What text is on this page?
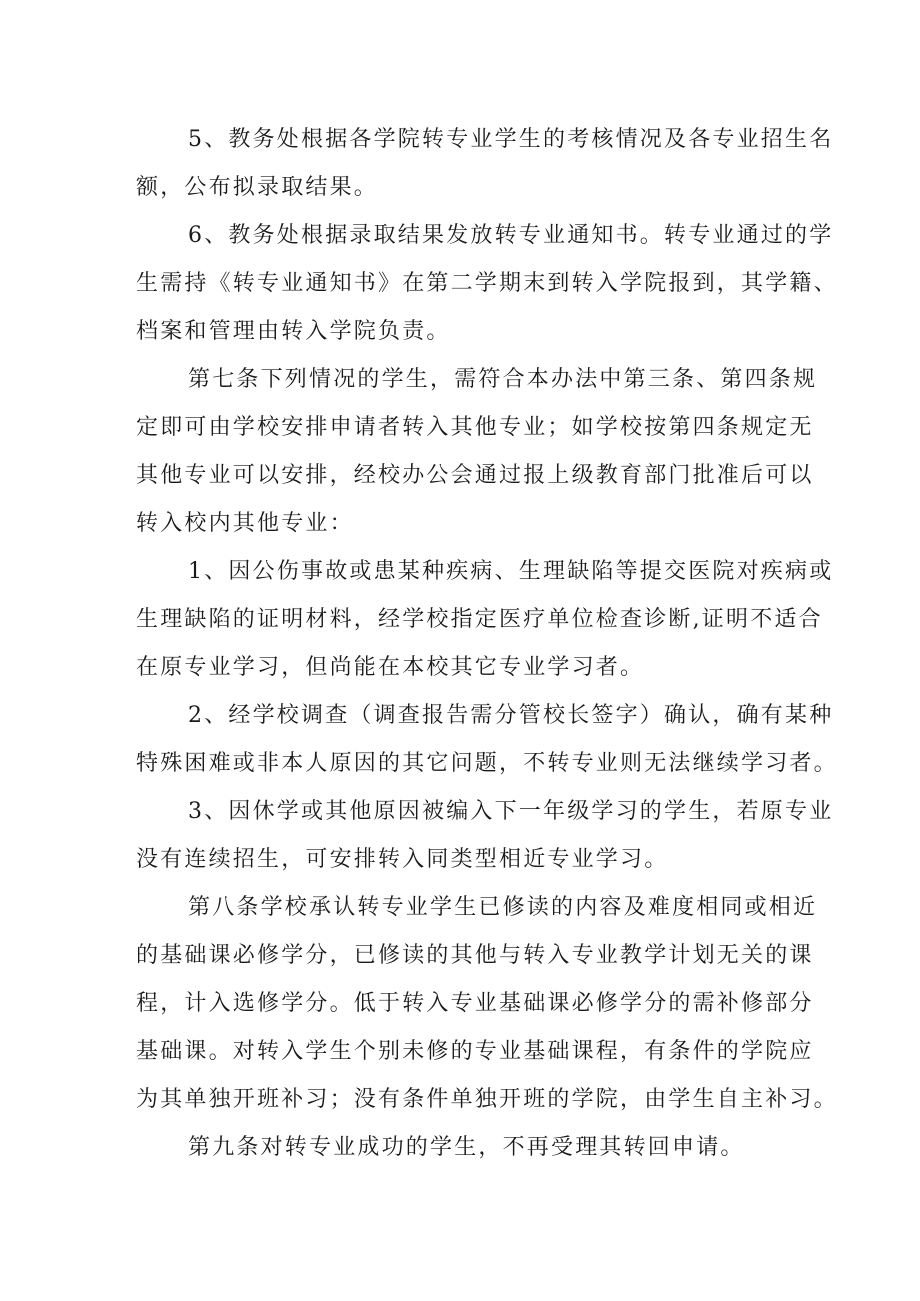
5、教务处根据各学院转专业学生的考核情况及各专业招生名
额，公布拟录取结果。

6、教务处根据录取结果发放转专业通知书。转专业通过的学
生需持《转专业通知书》在第二学期末到转入学院报到，其学籍、
档案和管理由转入学院负责。

第七条下列情况的学生，需符合本办法中第三条、第四条规
定即可由学校安排申请者转入其他专业；如学校按第四条规定无
其他专业可以安排，经校办公会通过报上级教育部门批准后可以
转入校内其他专业：

1、因公伤事故或患某种疾病、生理缺陷等提交医院对疾病或
生理缺陷的证明材料，经学校指定医疗单位检查诊断,证明不适合
在原专业学习，但尚能在本校其它专业学习者。

2、经学校调查（调查报告需分管校长签字）确认，确有某种
特殊困难或非本人原因的其它问题，不转专业则无法继续学习者。

3、因休学或其他原因被编入下一年级学习的学生，若原专业
没有连续招生，可安排转入同类型相近专业学习。

第八条学校承认转专业学生已修读的内容及难度相同或相近
的基础课必修学分，已修读的其他与转入专业教学计划无关的课
程，计入选修学分。低于转入专业基础课必修学分的需补修部分
基础课。对转入学生个别未修的专业基础课程，有条件的学院应
为其单独开班补习；没有条件单独开班的学院，由学生自主补习。

第九条对转专业成功的学生，不再受理其转回申请。
